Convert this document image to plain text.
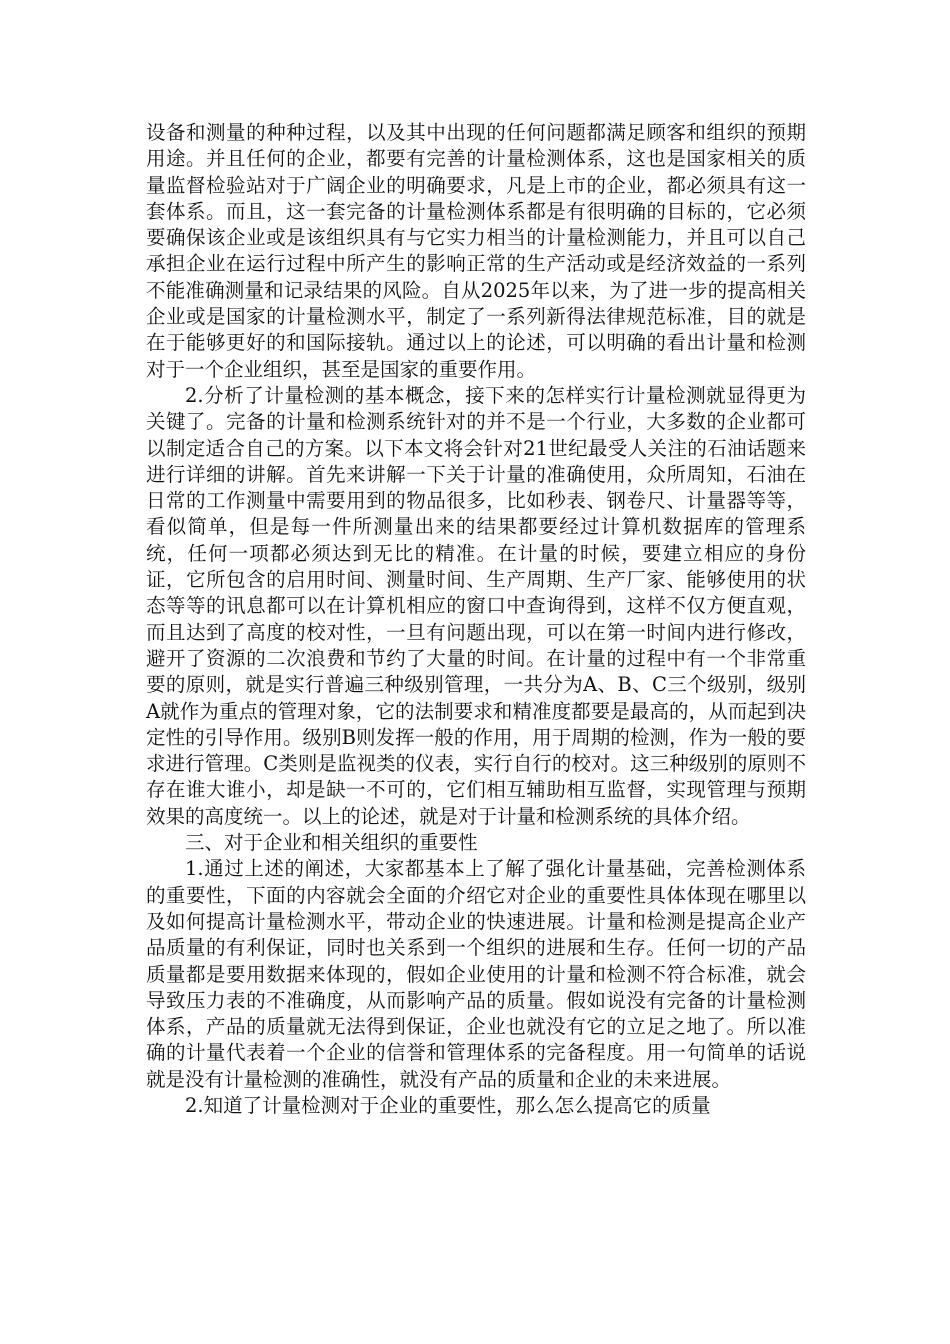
设备和测量的种种过程，以及其中出现的任何问题都满足顾客和组织的预期用途。并且任何的企业，都要有完善的计量检测体系，这也是国家相关的质量监督检验站对于广阔企业的明确要求，凡是上市的企业，都必须具有这一套体系。而且，这一套完备的计量检测体系都是有很明确的目标的，它必须要确保该企业或是该组织具有与它实力相当的计量检测能力，并且可以自己承担企业在运行过程中所产生的影响正常的生产活动或是经济效益的一系列不能准确测量和记录结果的风险。自从2025年以来，为了进一步的提高相关企业或是国家的计量检测水平，制定了一系列新得法律规范标准，目的就是在于能够更好的和国际接轨。通过以上的论述，可以明确的看出计量和检测对于一个企业组织，甚至是国家的重要作用。

2.分析了计量检测的基本概念，接下来的怎样实行计量检测就显得更为关键了。完备的计量和检测系统针对的并不是一个行业，大多数的企业都可以制定适合自己的方案。以下本文将会针对21世纪最受人关注的石油话题来进行详细的讲解。首先来讲解一下关于计量的准确使用，众所周知，石油在日常的工作测量中需要用到的物品很多，比如秒表、钢卷尺、计量器等等，看似简单，但是每一件所测量出来的结果都要经过计算机数据库的管理系统，任何一项都必须达到无比的精准。在计量的时候，要建立相应的身份证，它所包含的启用时间、测量时间、生产周期、生产厂家、能够使用的状态等等的讯息都可以在计算机相应的窗口中查询得到，这样不仅方便直观，而且达到了高度的校对性，一旦有问题出现，可以在第一时间内进行修改，避开了资源的二次浪费和节约了大量的时间。在计量的过程中有一个非常重要的原则，就是实行普遍三种级别管理，一共分为A、B、C三个级别，级别A就作为重点的管理对象，它的法制要求和精准度都要是最高的，从而起到决定性的引导作用。级别B则发挥一般的作用，用于周期的检测，作为一般的要求进行管理。C类则是监视类的仪表，实行自行的校对。这三种级别的原则不存在谁大谁小，却是缺一不可的，它们相互辅助相互监督，实现管理与预期效果的高度统一。以上的论述，就是对于计量和检测系统的具体介绍。

三、对于企业和相关组织的重要性

1.通过上述的阐述，大家都基本上了解了强化计量基础，完善检测体系的重要性，下面的内容就会全面的介绍它对企业的重要性具体体现在哪里以及如何提高计量检测水平，带动企业的快速进展。计量和检测是提高企业产品质量的有利保证，同时也关系到一个组织的进展和生存。任何一切的产品质量都是要用数据来体现的，假如企业使用的计量和检测不符合标准，就会导致压力表的不准确度，从而影响产品的质量。假如说没有完备的计量检测体系，产品的质量就无法得到保证，企业也就没有它的立足之地了。所以准确的计量代表着一个企业的信誉和管理体系的完备程度。用一句简单的话说就是没有计量检测的准确性，就没有产品的质量和企业的未来进展。

2.知道了计量检测对于企业的重要性，那么怎么提高它的质量
